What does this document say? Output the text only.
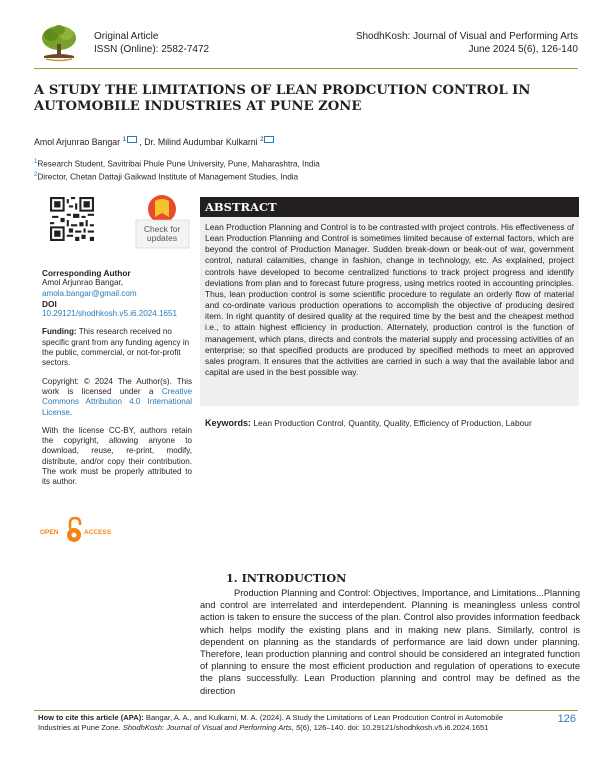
Original Article
ISSN (Online): 2582-7472
ShodhKosh: Journal of Visual and Performing Arts
June 2024 5(6), 126-140
A STUDY THE LIMITATIONS OF LEAN PRODCUTION CONTROL IN AUTOMOBILE INDUSTRIES AT PUNE ZONE
Amol Arjunrao Bangar $^1$ , Dr. Milind Audumbar Kulkarni $^2$
$^1$Research Student, Savitribai Phule Pune University, Pune, Maharashtra, India
$^2$Director, Chetan Dattaji Gaikwad Institute of Management Studies, India
Check for
updates
ABSTRACT
Lean Production Planning and Control is to be contrasted with project controls. His effectiveness of Lean Production Planning and Control is sometimes limited because of external factors, which are beyond the control of Production Manager. Sudden break-down or beak-out of war, government control, natural calamities, change in fashion, change in technology, etc. As explained, project controls have developed to become centralized functions to track project progress and identify deviations from plan and to forecast future progress, using metrics rooted in accounting principles. Thus, lean production control is some scientific procedure to regulate an orderly flow of material and co-ordinate various production operations to accomplish the objective of producing desired item. In right quantity of desired quality at the required time by the best and the cheapest method i.e., to attain highest efficiency in production. Alternately, production control is the function of management, which plans, directs and controls the material supply and processing activities of an enterprise; so that specified products are produced by specified methods to meet an approved sales program. It ensures that the activities are carried in such a way that the available labor and capital are used in the best possible way.
Keywords: Lean Production Control, Quantity, Quality, Efficiency of Production, Labour
Corresponding Author
Amol Arjunrao Bangar,
amola.bangar@gmail.com
DOI
10.29121/shodhkosh.v5.i6.2024.1651
Funding: This research received no specific grant from any funding agency in the public, commercial, or not-for-profit sectors.
Copyright: © 2024 The Author(s). This work is licensed under a Creative Commons Attribution 4.0 International License.
With the license CC-BY, authors retain the copyright, allowing anyone to download, reuse, re-print, modify, distribute, and/or copy their contribution. The work must be properly attributed to its author.
OPEN	ACCESS
1. INTRODUCTION
Production Planning and Control: Objectives, Importance, and Limitations...Planning and control are interrelated and interdependent. Planning is meaningless unless control action is taken to ensure the success of the plan. Control also provides information feedback which helps modify the existing plans and in making new plans. Similarly, control is dependent on planning as the standards of performance are laid down under planning. Therefore, lean production planning and control should be considered an integrated function of planning to ensure the most efficient production and regulation of operations to execute the plans successfully. Lean Production planning and control may be defined as the direction
How to cite this article (APA): Bangar, A. A., and Kulkarni, M. A. (2024). A Study the Limitations of Lean Prodcution Control in Automobile Industries at Pune Zone. ShodhKosh: Journal of Visual and Performing Arts, 5(6), 126–140. doi: 10.29121/shodhkosh.v5.i6.2024.1651
126
